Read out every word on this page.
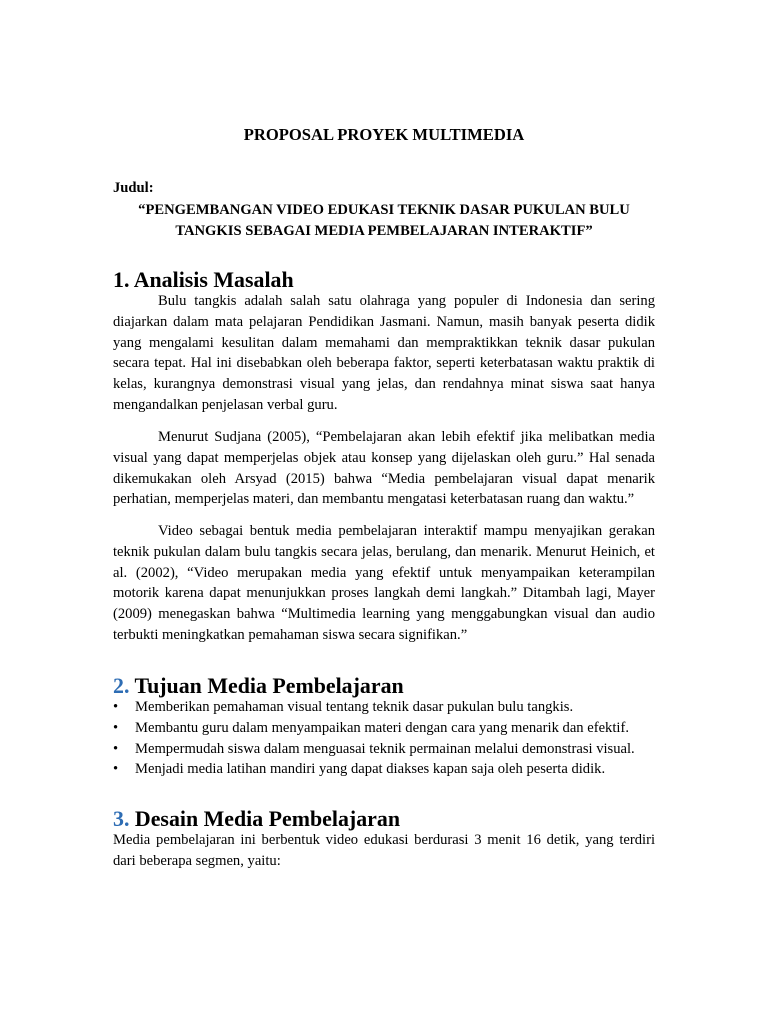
PROPOSAL PROYEK MULTIMEDIA

Judul:

“PENGEMBANGAN VIDEO EDUKASI TEKNIK DASAR PUKULAN BULU TANGKIS SEBAGAI MEDIA PEMBELAJARAN INTERAKTIF”

1. Analisis Masalah

Bulu tangkis adalah salah satu olahraga yang populer di Indonesia dan sering diajarkan dalam mata pelajaran Pendidikan Jasmani. Namun, masih banyak peserta didik yang mengalami kesulitan dalam memahami dan mempraktikkan teknik dasar pukulan secara tepat. Hal ini disebabkan oleh beberapa faktor, seperti keterbatasan waktu praktik di kelas, kurangnya demonstrasi visual yang jelas, dan rendahnya minat siswa saat hanya mengandalkan penjelasan verbal guru.

Menurut Sudjana (2005), “Pembelajaran akan lebih efektif jika melibatkan media visual yang dapat memperjelas objek atau konsep yang dijelaskan oleh guru.” Hal senada dikemukakan oleh Arsyad (2015) bahwa “Media pembelajaran visual dapat menarik perhatian, memperjelas materi, dan membantu mengatasi keterbatasan ruang dan waktu.”

Video sebagai bentuk media pembelajaran interaktif mampu menyajikan gerakan teknik pukulan dalam bulu tangkis secara jelas, berulang, dan menarik. Menurut Heinich, et al. (2002), “Video merupakan media yang efektif untuk menyampaikan keterampilan motorik karena dapat menunjukkan proses langkah demi langkah.” Ditambah lagi, Mayer (2009) menegaskan bahwa “Multimedia learning yang menggabungkan visual dan audio terbukti meningkatkan pemahaman siswa secara signifikan.”

2. Tujuan Media Pembelajaran
•	Memberikan pemahaman visual tentang teknik dasar pukulan bulu tangkis.
•	Membantu guru dalam menyampaikan materi dengan cara yang menarik dan efektif.
•	Mempermudah siswa dalam menguasai teknik permainan melalui demonstrasi visual.
•	Menjadi media latihan mandiri yang dapat diakses kapan saja oleh peserta didik.
3. Desain Media Pembelajaran

Media pembelajaran ini berbentuk video edukasi berdurasi 3 menit 16 detik, yang terdiri dari beberapa segmen, yaitu:
